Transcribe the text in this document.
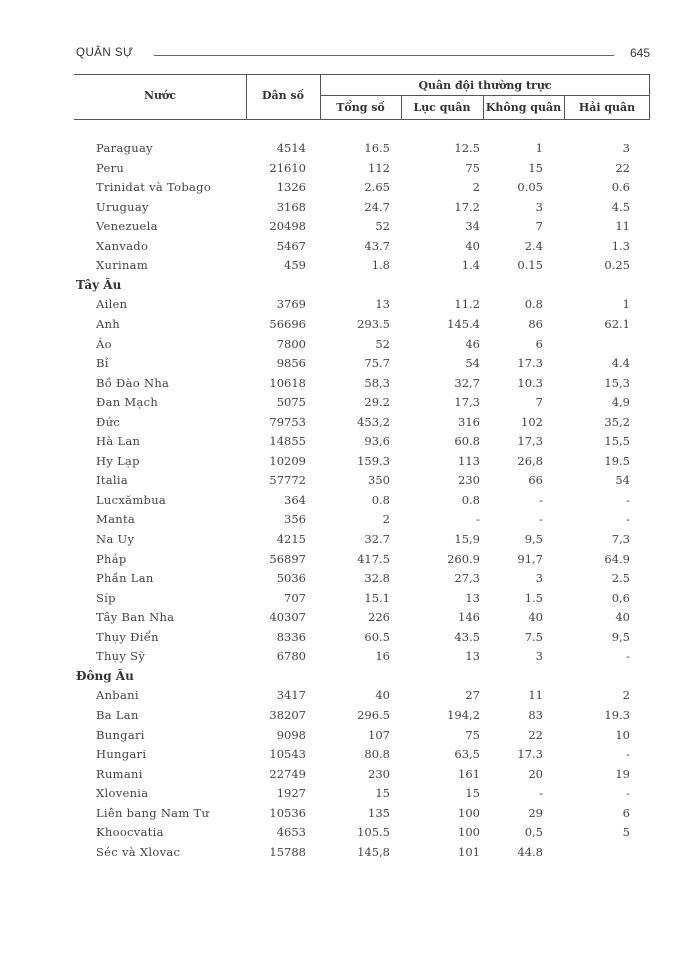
QUÂN SỰ	645
Nước	Dân số
Quân đội thường trực
Tổng số	Lục quân	Không quân	Hải quân
Paraguay	4514	16.5	12.5	1	3
Peru	21610	112	75	15	22
Trinidat và Tobago	1326	2.65	2	0.05	0.6
Uruguay	3168	24.7	17.2	3	4.5
Venezuela	20498	52	34	7	11
Xanvado	5467	43.7	40	2.4	1.3
Xurinam	459	1.8	1.4	0.15	0.25
Tây Âu
Ailen	3769	13	11.2	0.8	1
Anh	56696	293.5	145.4	86	62.1
Áo	7800	52	46	6
Bỉ	9856	75.7	54	17.3	4.4
Bồ Đào Nha	10618	58,3	32,7	10.3	15,3
Đan Mạch	5075	29.2	17,3	7	4,9
Đức	79753	453,2	316	102	35,2
Hà Lan	14855	93,6	60.8	17,3	15,5
Hy Lạp	10209	159.3	113	26,8	19.5
Italia	57772	350	230	66	54
Lucxămbua	364	0.8	0.8	-	-
Manta	356	2	-	-	-
Na Uy	4215	32.7	15,9	9,5	7,3
Pháp	56897	417.5	260.9	91,7	64.9
Phần Lan	5036	32.8	27,3	3	2.5
Síp	707	15.1	13	1.5	0,6
Tây Ban Nha	40307	226	146	40	40
Thụy Điển	8336	60.5	43.5	7.5	9,5
Thụy Sỹ	6780	16	13	3	-
Đông Âu
Anbani	3417	40	27	11	2
Ba Lan	38207	296.5	194,2	83	19.3
Bungari	9098	107	75	22	10
Hungari	10543	80.8	63,5	17.3	-
Rumani	22749	230	161	20	19
Xlovenia	1927	15	15	-	-
Liên bang Nam Tư	10536	135	100	29	6
Khoocvatia	4653	105.5	100	0,5	5
Séc và Xlovac	15788	145,8	101	44.8
